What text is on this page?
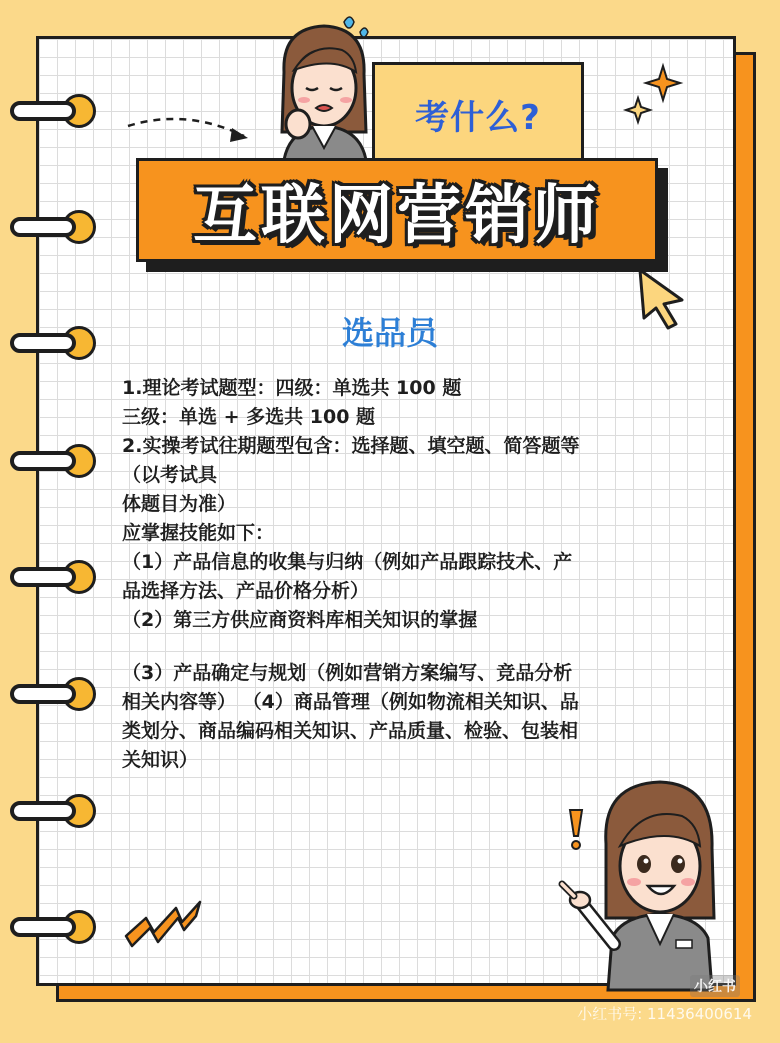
考什么?
互联网营销师
选品员
1.理论考试题型：四级：单选共 100 题
三级：单选 + 多选共 100 题
2.实操考试往期题型包含：选择题、填空题、简答题等
（以考试具
体题目为准）
应掌握技能如下：
（1）产品信息的收集与归纳（例如产品跟踪技术、产
品选择方法、产品价格分析）
（2）第三方供应商资料库相关知识的掌握
（3）产品确定与规划（例如营销方案编写、竞品分析
相关内容等） （4）商品管理（例如物流相关知识、品
类划分、商品编码相关知识、产品质量、检验、包装相
关知识）
小红书
小红书号: 11436400614
